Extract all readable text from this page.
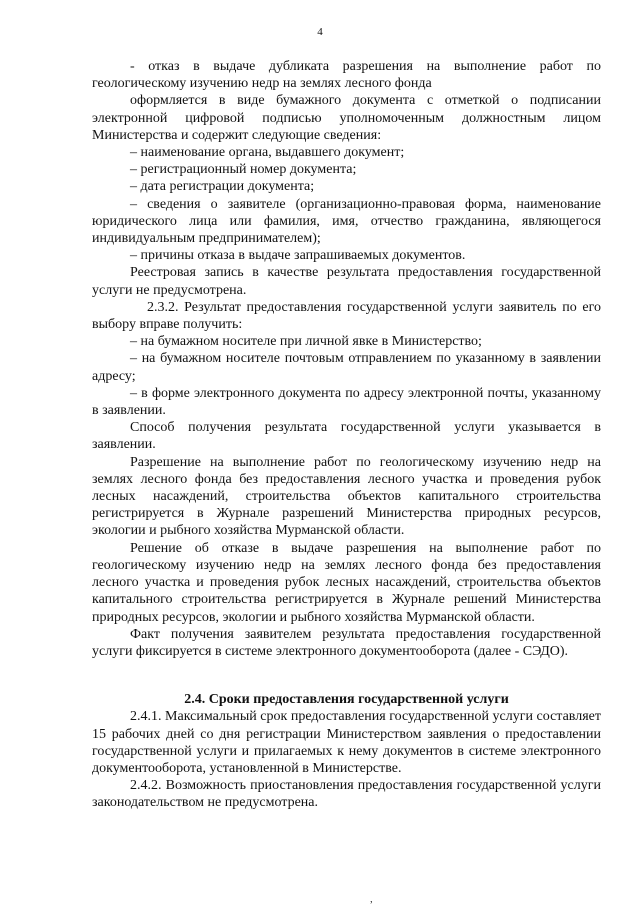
4

- отказ в выдаче дубликата разрешения на выполнение работ по геологическому изучению недр на землях лесного фонда

оформляется в виде бумажного документа с отметкой о подписании электронной цифровой подписью уполномоченным должностным лицом Министерства и содержит следующие сведения:

– наименование органа, выдавшего документ;

– регистрационный номер документа;

– дата регистрации документа;

– сведения о заявителе (организационно-правовая форма, наименование юридического лица или фамилия, имя, отчество гражданина, являющегося индивидуальным предпринимателем);

– причины отказа в выдаче запрашиваемых документов.

Реестровая запись в качестве результата предоставления государственной услуги не предусмотрена.

2.3.2. Результат предоставления государственной услуги заявитель по его выбору вправе получить:

– на бумажном носителе при личной явке в Министерство;

– на бумажном носителе почтовым отправлением по указанному в заявлении адресу;

– в форме электронного документа по адресу электронной почты, указанному в заявлении.

Способ получения результата государственной услуги указывается в заявлении.

Разрешение на выполнение работ по геологическому изучению недр на землях лесного фонда без предоставления лесного участка и проведения рубок лесных насаждений, строительства объектов капитального строительства регистрируется в Журнале разрешений Министерства природных ресурсов, экологии и рыбного хозяйства Мурманской области.

Решение об отказе в выдаче разрешения на выполнение работ по геологическому изучению недр на землях лесного фонда без предоставления лесного участка и проведения рубок лесных насаждений, строительства объектов капитального строительства регистрируется в Журнале решений Министерства природных ресурсов, экологии и рыбного хозяйства Мурманской области.

Факт получения заявителем результата предоставления государственной услуги фиксируется в системе электронного документооборота (далее - СЭДО).

2.4. Сроки предоставления государственной услуги

2.4.1. Максимальный срок предоставления государственной услуги составляет 15 рабочих дней со дня регистрации Министерством заявления о предоставлении государственной услуги и прилагаемых к нему документов в системе электронного документооборота, установленной в Министерстве.

2.4.2. Возможность приостановления предоставления государственной услуги законодательством не предусмотрена.

,
